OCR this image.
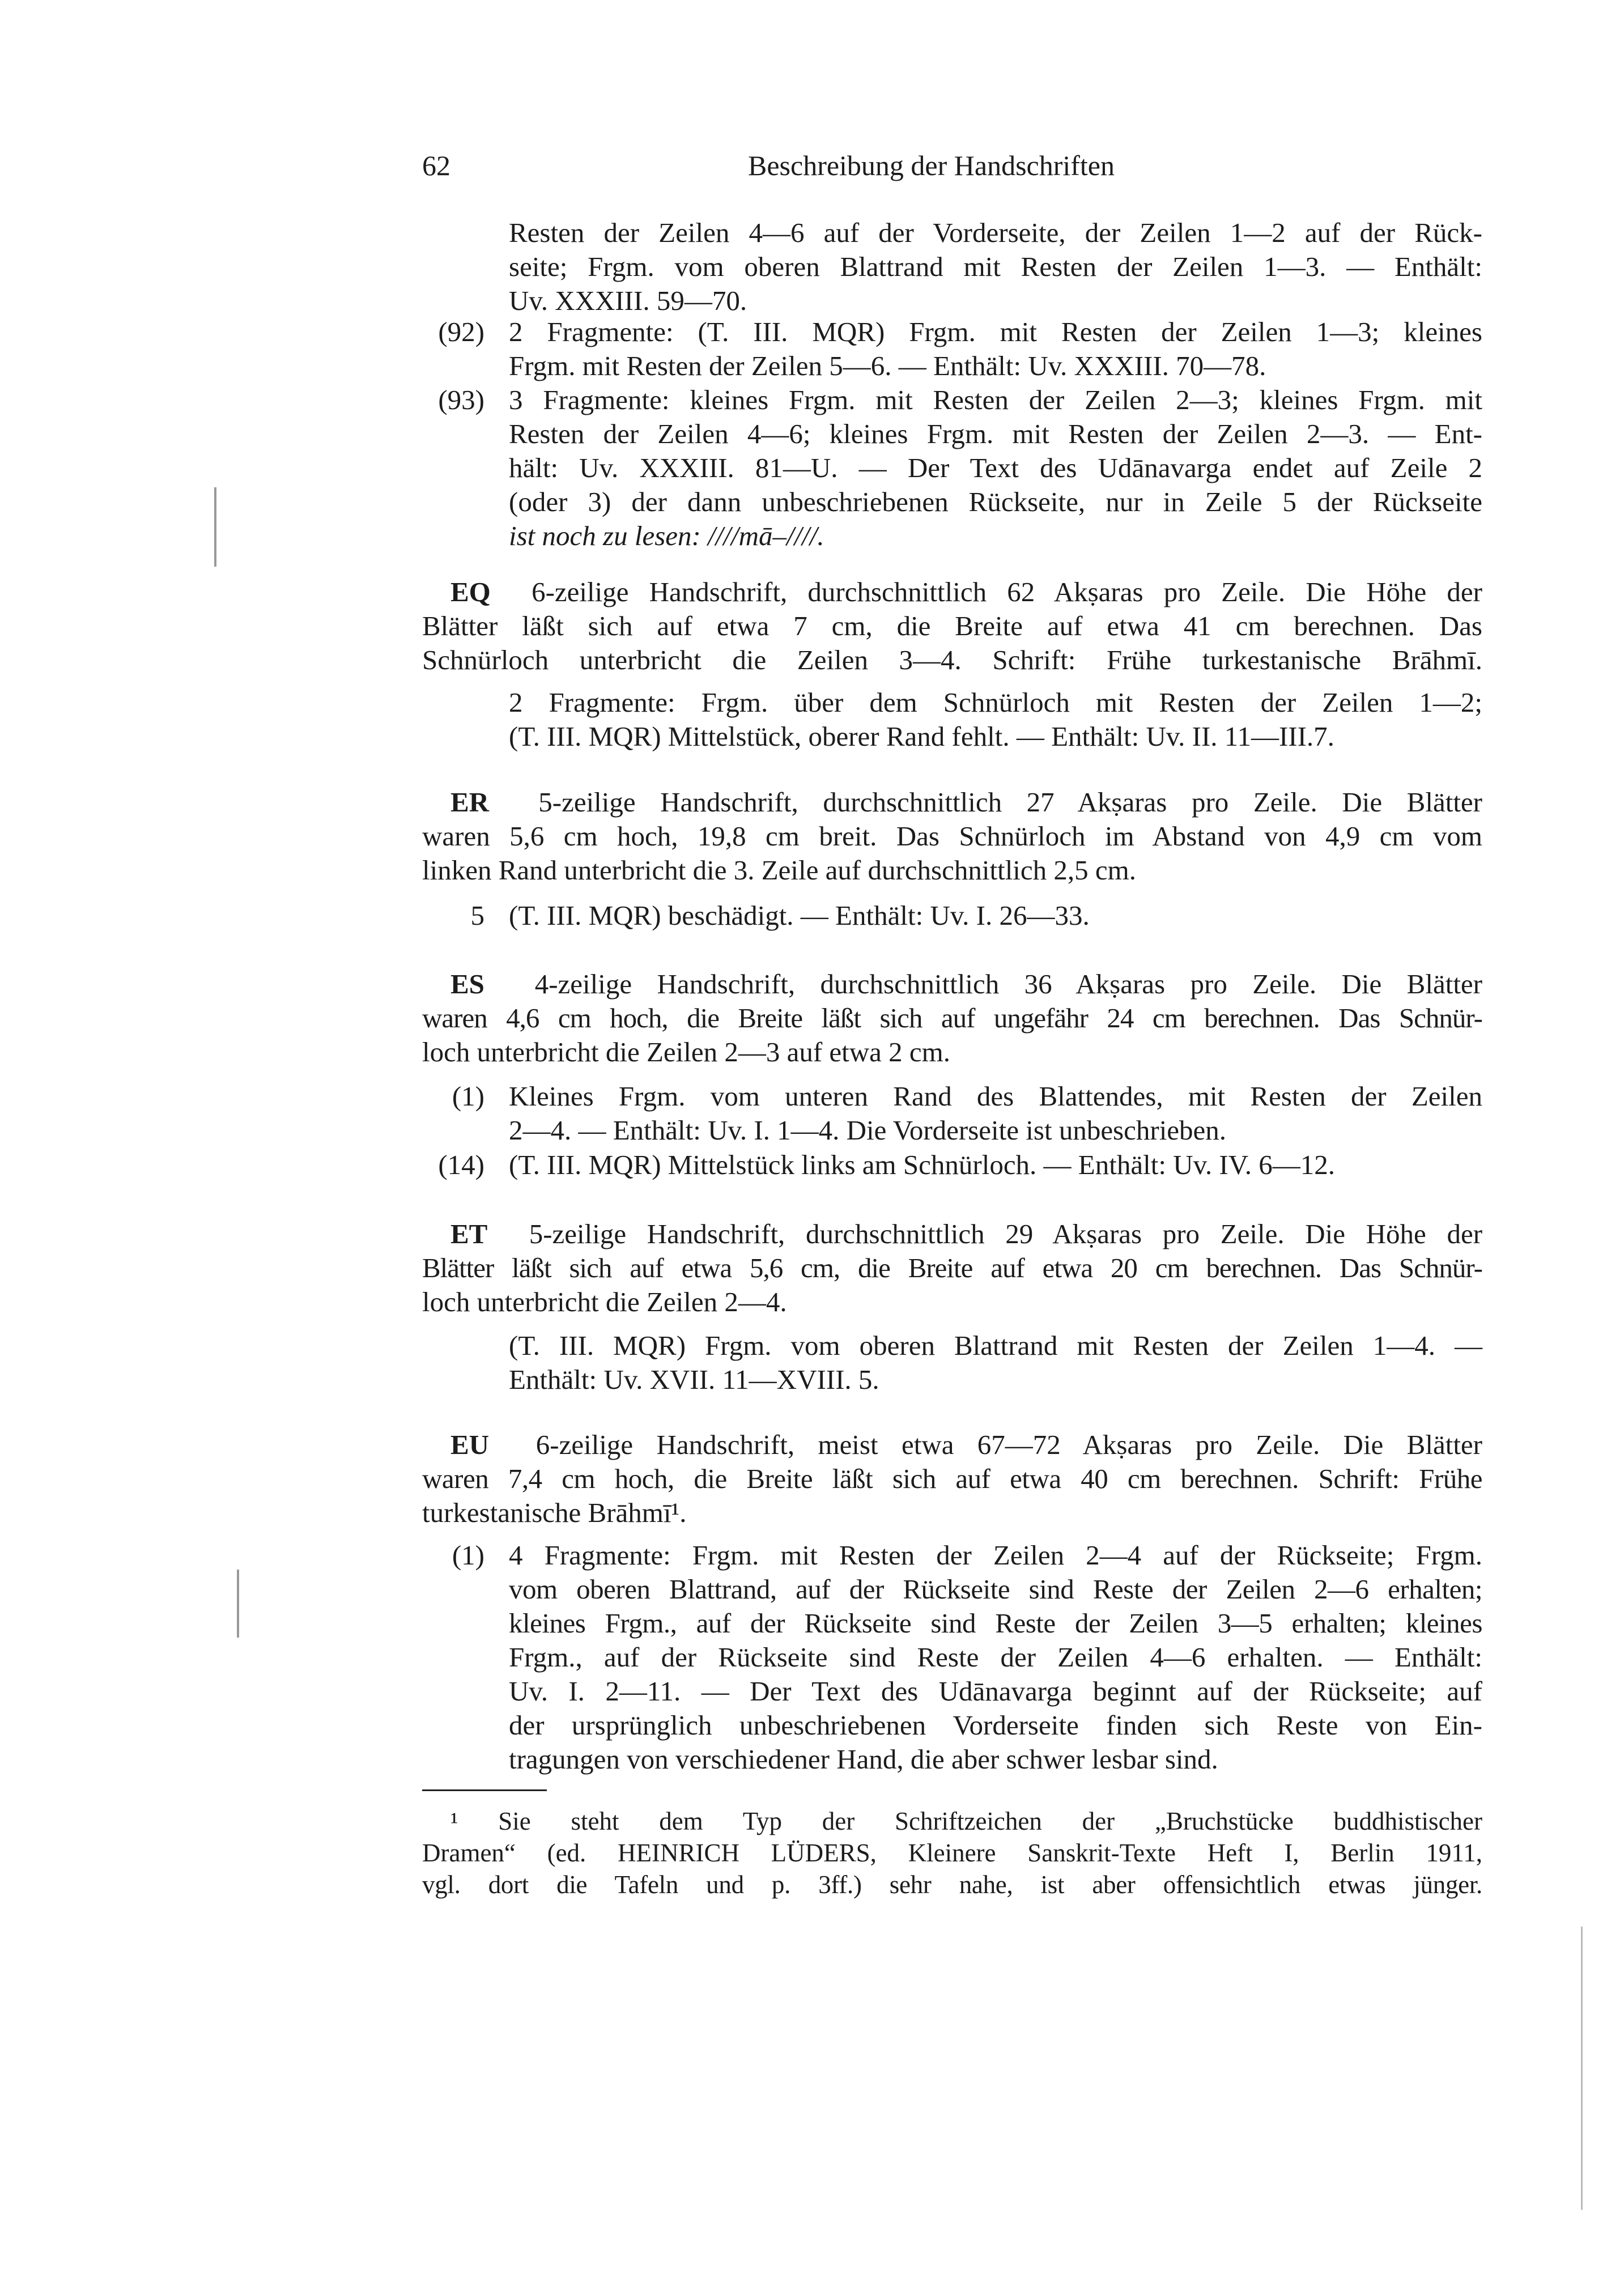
62	Beschreibung der Handschriften
Resten der Zeilen 4—6 auf der Vorderseite, der Zeilen 1—2 auf der Rück-
seite; Frgm. vom oberen Blattrand mit Resten der Zeilen 1—3. — Enthält:
Uv. XXXIII. 59—70.
(92) 2 Fragmente: (T. III. MQR) Frgm. mit Resten der Zeilen 1—3; kleines
Frgm. mit Resten der Zeilen 5—6. — Enthält: Uv. XXXIII. 70—78.
(93) 3 Fragmente: kleines Frgm. mit Resten der Zeilen 2—3; kleines Frgm. mit
Resten der Zeilen 4—6; kleines Frgm. mit Resten der Zeilen 2—3. — Ent-
hält: Uv. XXXIII. 81—U. — Der Text des Udānavarga endet auf Zeile 2
(oder 3) der dann unbeschriebenen Rückseite, nur in Zeile 5 der Rückseite
ist noch zu lesen: ////mā–////.
EQ 6-zeilige Handschrift, durchschnittlich 62 Akṣaras pro Zeile. Die Höhe der
Blätter läßt sich auf etwa 7 cm, die Breite auf etwa 41 cm berechnen. Das
Schnürloch unterbricht die Zeilen 3—4. Schrift: Frühe turkestanische Brāhmī.
2 Fragmente: Frgm. über dem Schnürloch mit Resten der Zeilen 1—2;
(T. III. MQR) Mittelstück, oberer Rand fehlt. — Enthält: Uv. II. 11—III.7.
ER 5-zeilige Handschrift, durchschnittlich 27 Akṣaras pro Zeile. Die Blätter
waren 5,6 cm hoch, 19,8 cm breit. Das Schnürloch im Abstand von 4,9 cm vom
linken Rand unterbricht die 3. Zeile auf durchschnittlich 2,5 cm.
5 (T. III. MQR) beschädigt. — Enthält: Uv. I. 26—33.
ES 4-zeilige Handschrift, durchschnittlich 36 Akṣaras pro Zeile. Die Blätter
waren 4,6 cm hoch, die Breite läßt sich auf ungefähr 24 cm berechnen. Das Schnür-
loch unterbricht die Zeilen 2—3 auf etwa 2 cm.
(1) Kleines Frgm. vom unteren Rand des Blattendes, mit Resten der Zeilen
2—4. — Enthält: Uv. I. 1—4. Die Vorderseite ist unbeschrieben.
(14) (T. III. MQR) Mittelstück links am Schnürloch. — Enthält: Uv. IV. 6—12.
ET 5-zeilige Handschrift, durchschnittlich 29 Akṣaras pro Zeile. Die Höhe der
Blätter läßt sich auf etwa 5,6 cm, die Breite auf etwa 20 cm berechnen. Das Schnür-
loch unterbricht die Zeilen 2—4.
(T. III. MQR) Frgm. vom oberen Blattrand mit Resten der Zeilen 1—4. —
Enthält: Uv. XVII. 11—XVIII. 5.
EU 6-zeilige Handschrift, meist etwa 67—72 Akṣaras pro Zeile. Die Blätter
waren 7,4 cm hoch, die Breite läßt sich auf etwa 40 cm berechnen. Schrift: Frühe
turkestanische Brāhmī¹.
(1) 4 Fragmente: Frgm. mit Resten der Zeilen 2—4 auf der Rückseite; Frgm.
vom oberen Blattrand, auf der Rückseite sind Reste der Zeilen 2—6 erhalten;
kleines Frgm., auf der Rückseite sind Reste der Zeilen 3—5 erhalten; kleines
Frgm., auf der Rückseite sind Reste der Zeilen 4—6 erhalten. — Enthält:
Uv. I. 2—11. — Der Text des Udānavarga beginnt auf der Rückseite; auf
der ursprünglich unbeschriebenen Vorderseite finden sich Reste von Ein-
tragungen von verschiedener Hand, die aber schwer lesbar sind.
¹ Sie steht dem Typ der Schriftzeichen der „Bruchstücke buddhistischer
Dramen“ (ed. HEINRICH LÜDERS, Kleinere Sanskrit-Texte Heft I, Berlin 1911,
vgl. dort die Tafeln und p. 3ff.) sehr nahe, ist aber offensichtlich etwas jünger.
